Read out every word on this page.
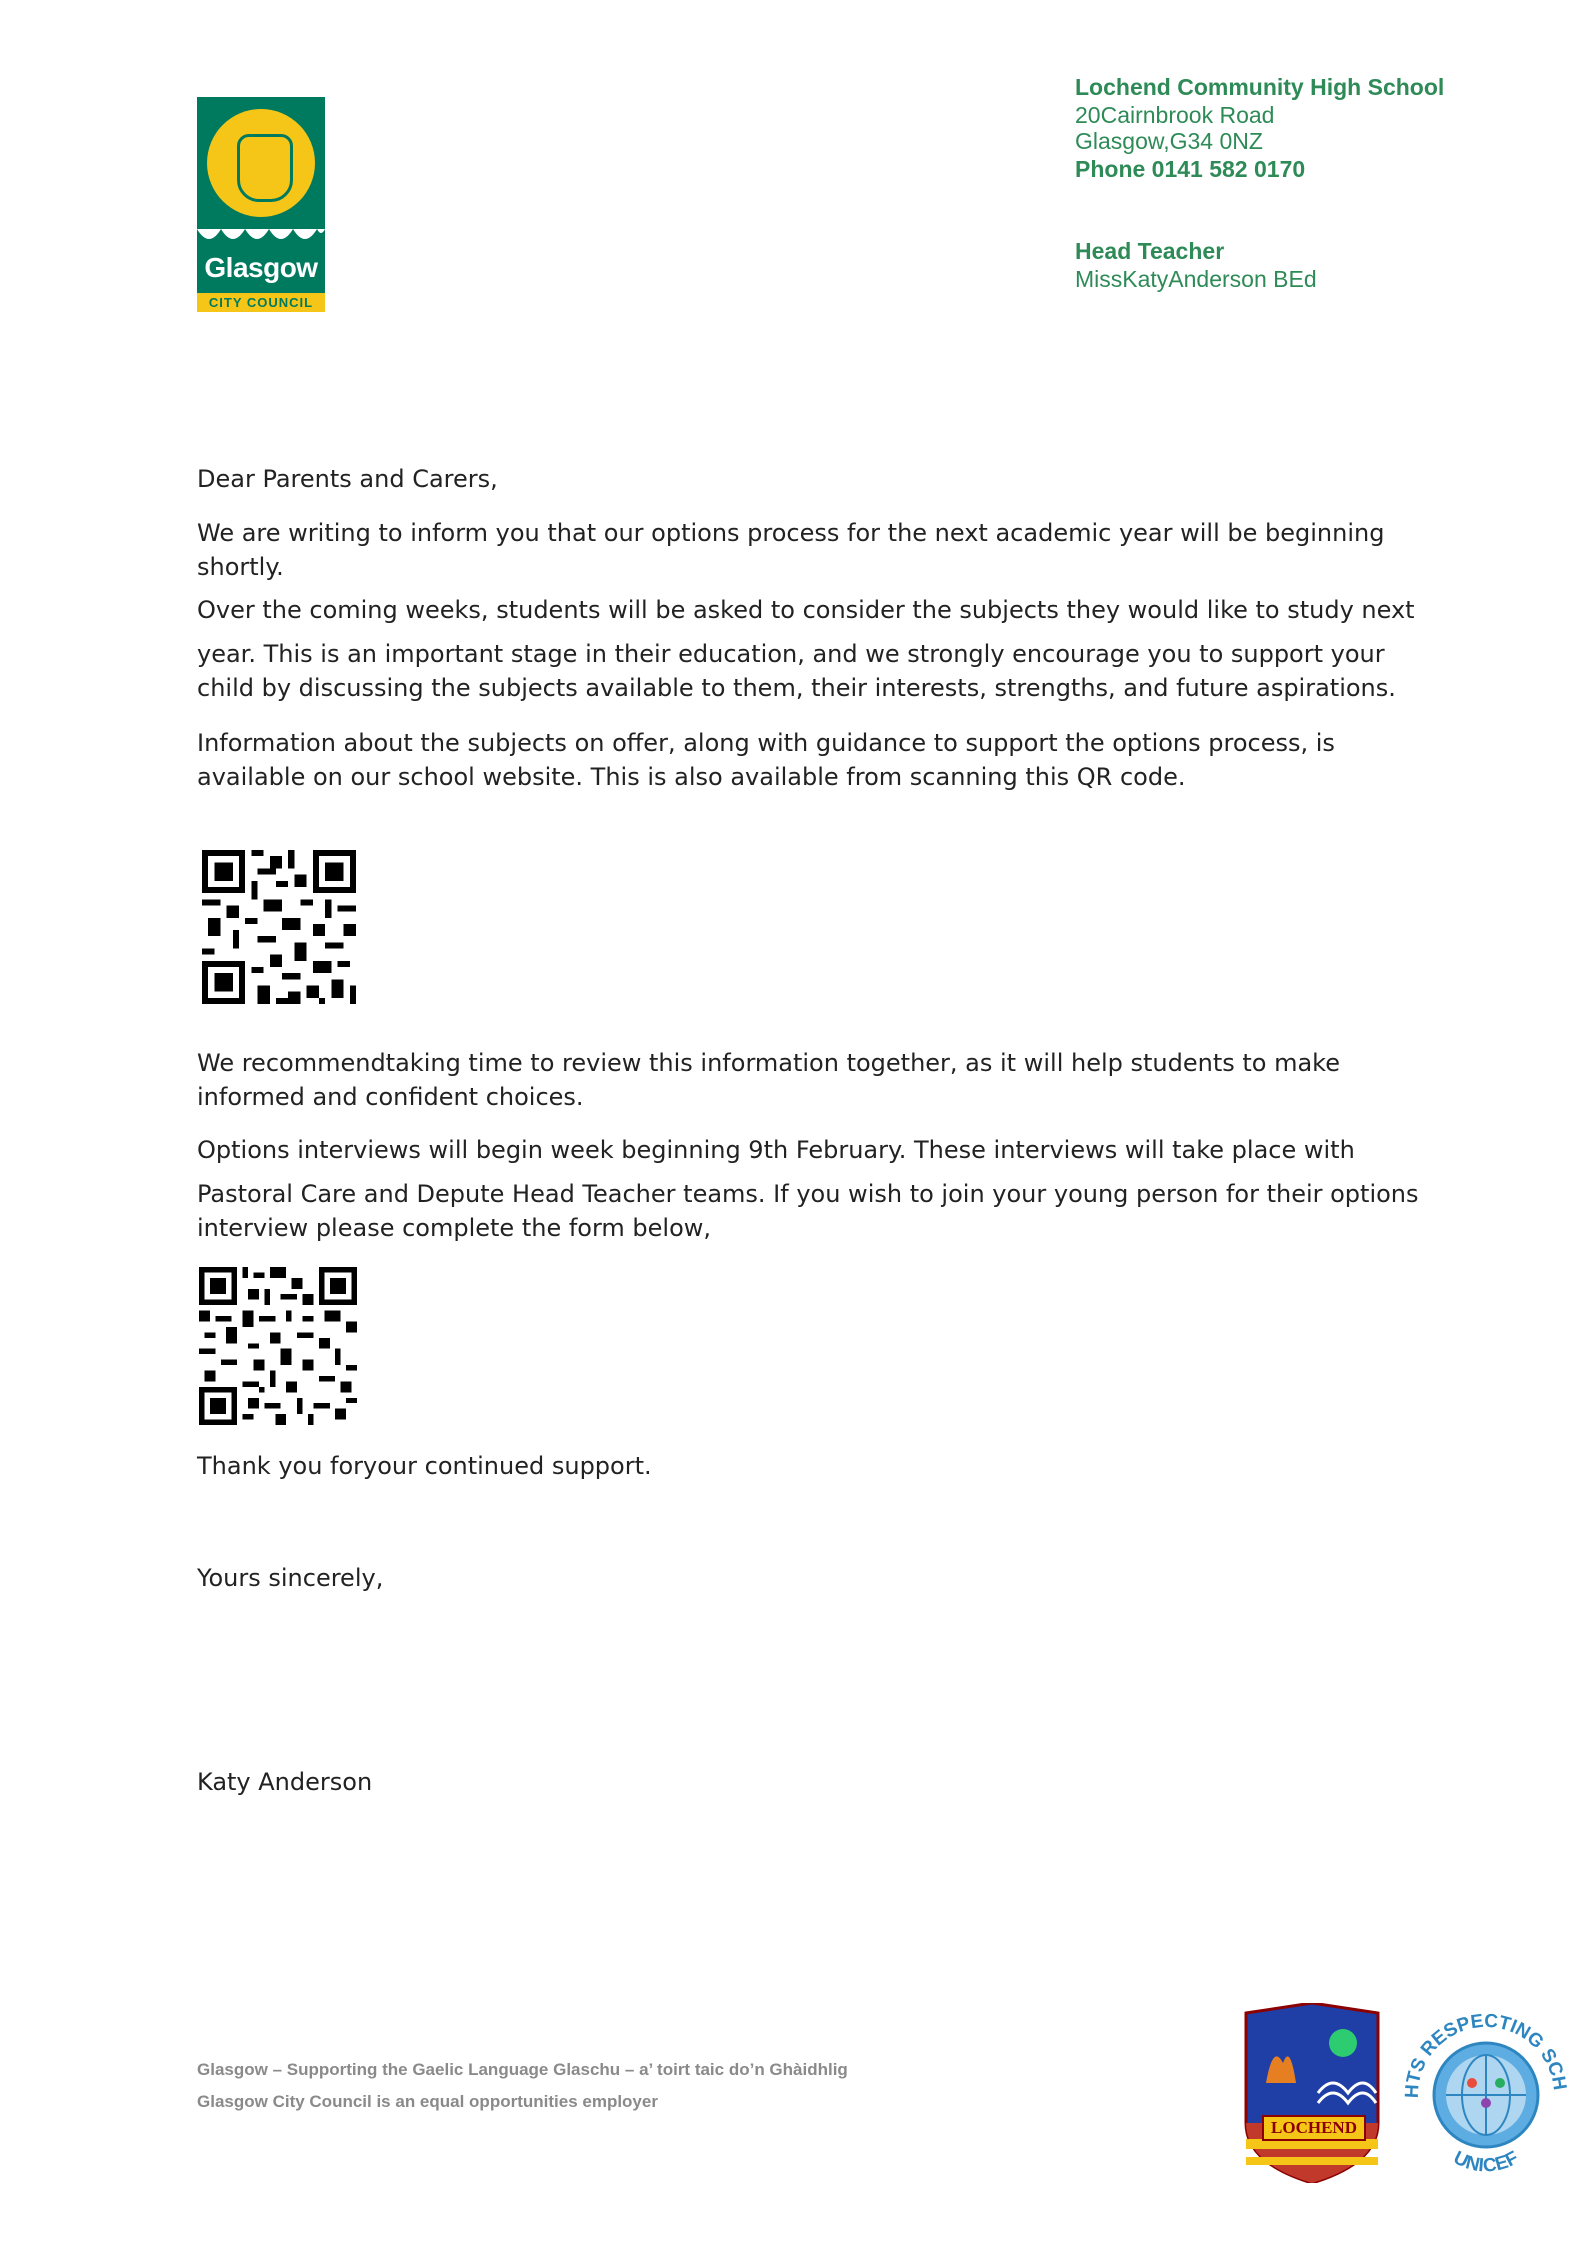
Glasgow
CITY COUNCIL
Lochend Community High School
20Cairnbrook Road
Glasgow,G34 0NZ
Phone 0141 582 0170
Head Teacher
MissKatyAnderson BEd
Dear Parents and Carers,
We are writing to inform you that our options process for the next academic year will be beginning shortly.
Over the coming weeks, students will be asked to consider the subjects they would like to study next
year. This is an important stage in their education, and we strongly encourage you to support your child by discussing the subjects available to them, their interests, strengths, and future aspirations.
Information about the subjects on offer, along with guidance to support the options process, is available on our school website. This is also available from scanning this QR code.
We recommendtaking time to review this information together, as it will help students to make informed and confident choices.
Options interviews will begin week beginning 9th February. These interviews will take place with
Pastoral Care and Depute Head Teacher teams. If you wish to join your young person for their options interview please complete the form below,
Thank you foryour continued support.
Yours sincerely,
Katy Anderson
Glasgow – Supporting the Gaelic Language Glaschu – a’ toirt taic do’n Ghàidhlig
Glasgow City Council is an equal opportunities employer
LOCHEND
HTS RESPECTING SCH
UNICEF
